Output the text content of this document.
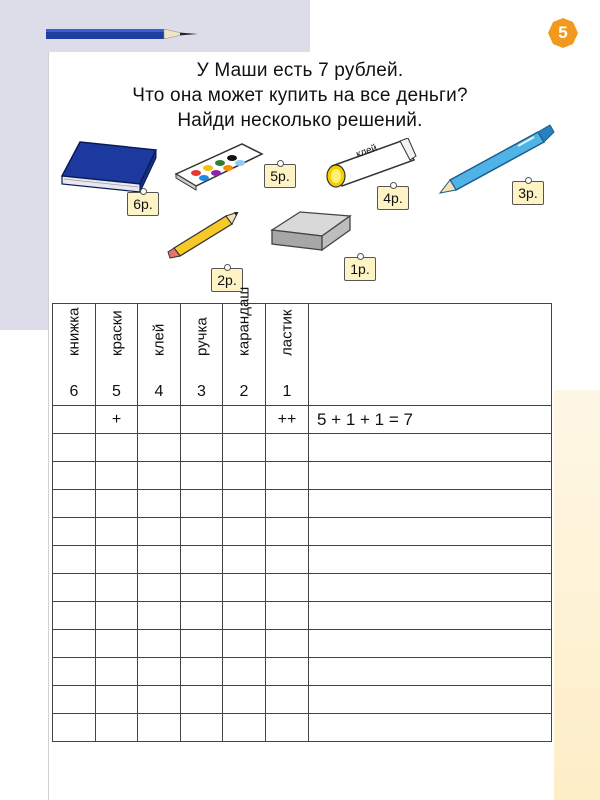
5
У Маши есть 7 рублей.
Что она может купить на все деньги?
Найди несколько решений.
6р.
5р.
клей
4р.	3р.
2р.
1р.
книжка	краски	клей	ручка	карандаш	ластик	

6	5	4	3	2	1	
	+				++	5 + 1 + 1 = 7
